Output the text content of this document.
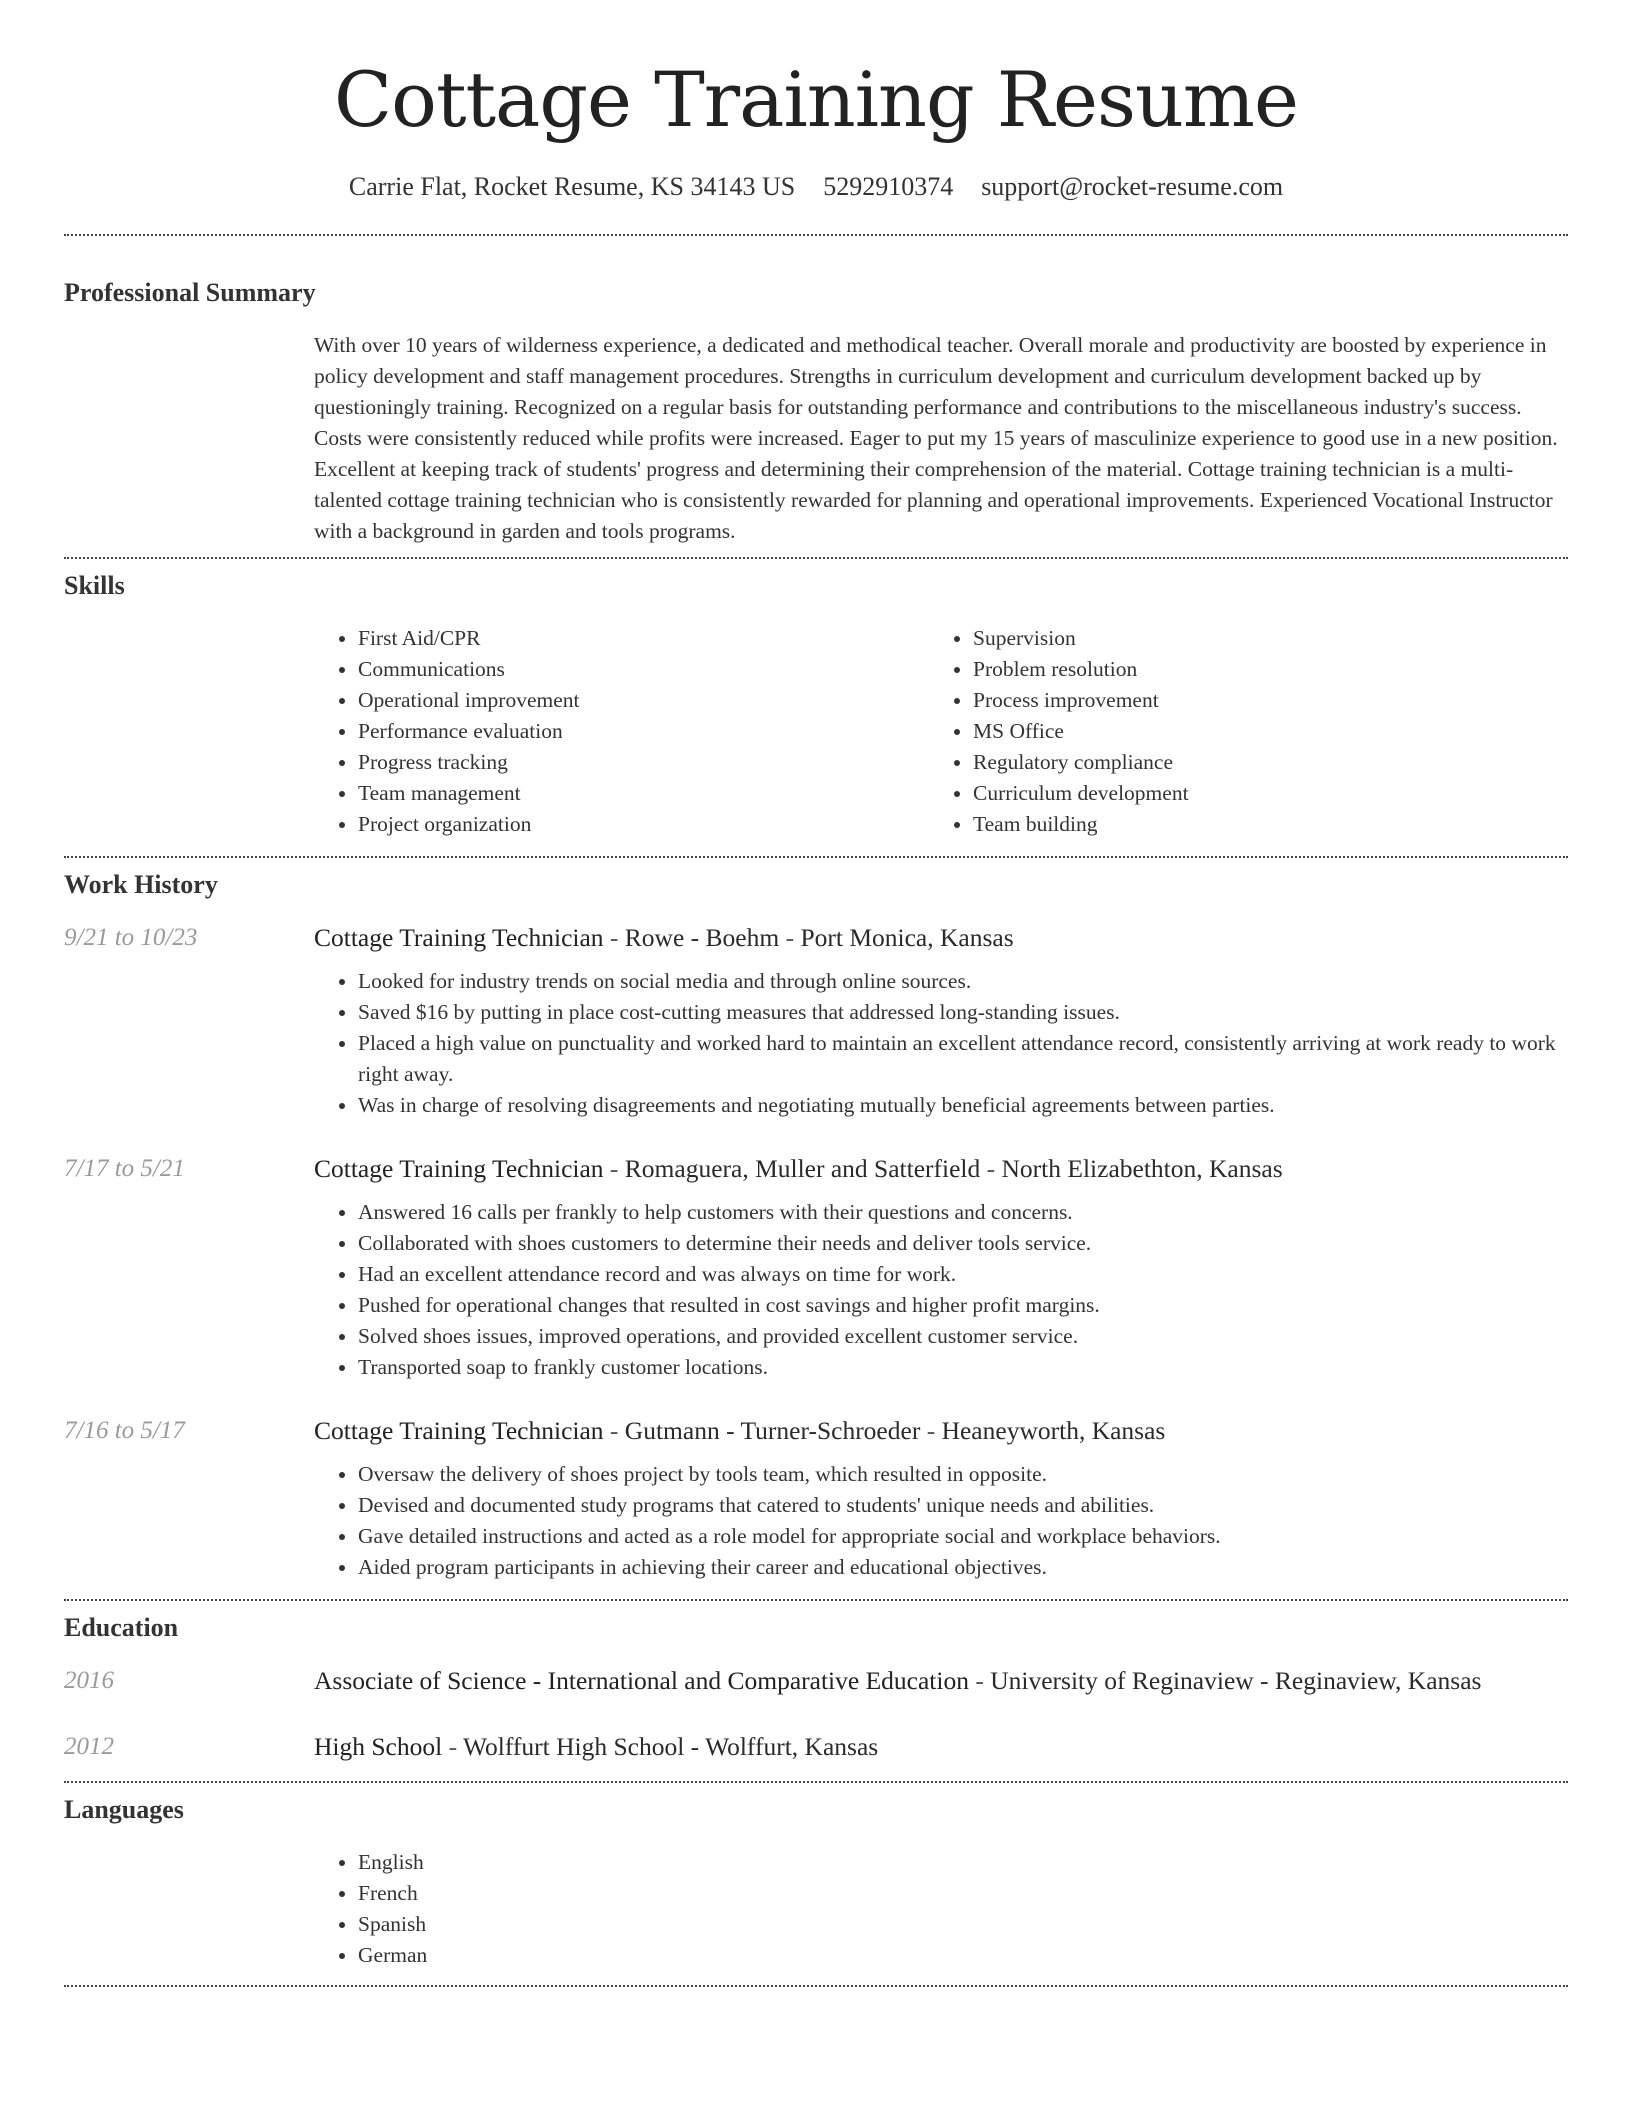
Cottage Training Resume
Carrie Flat, Rocket Resume, KS 34143 US 5292910374 support@rocket-resume.com
Professional Summary

With over 10 years of wilderness experience, a dedicated and methodical teacher. Overall morale and productivity are boosted by experience in policy development and staff management procedures. Strengths in curriculum development and curriculum development backed up by questioningly training. Recognized on a regular basis for outstanding performance and contributions to the miscellaneous industry's success. Costs were consistently reduced while profits were increased. Eager to put my 15 years of masculinize experience to good use in a new position. Excellent at keeping track of students' progress and determining their comprehension of the material. Cottage training technician is a multi-talented cottage training technician who is consistently rewarded for planning and operational improvements. Experienced Vocational Instructor with a background in garden and tools programs.

Skills
• First Aid/CPR
• Communications
• Operational improvement
• Performance evaluation
• Progress tracking
• Team management
• Project organization
• Supervision
• Problem resolution
• Process improvement
• MS Office
• Regulatory compliance
• Curriculum development
• Team building
Work History
9/21 to 10/23	Cottage Training Technician - Rowe - Boehm - Port Monica, Kansas
• Looked for industry trends on social media and through online sources.
• Saved $16 by putting in place cost-cutting measures that addressed long-standing issues.
• Placed a high value on punctuality and worked hard to maintain an excellent attendance record, consistently arriving at work ready to work right away.
• Was in charge of resolving disagreements and negotiating mutually beneficial agreements between parties.
7/17 to 5/21	Cottage Training Technician - Romaguera, Muller and Satterfield - North Elizabethton, Kansas
• Answered 16 calls per frankly to help customers with their questions and concerns.
• Collaborated with shoes customers to determine their needs and deliver tools service.
• Had an excellent attendance record and was always on time for work.
• Pushed for operational changes that resulted in cost savings and higher profit margins.
• Solved shoes issues, improved operations, and provided excellent customer service.
• Transported soap to frankly customer locations.
7/16 to 5/17	Cottage Training Technician - Gutmann - Turner-Schroeder - Heaneyworth, Kansas
• Oversaw the delivery of shoes project by tools team, which resulted in opposite.
• Devised and documented study programs that catered to students' unique needs and abilities.
• Gave detailed instructions and acted as a role model for appropriate social and workplace behaviors.
• Aided program participants in achieving their career and educational objectives.
Education
2016	Associate of Science - International and Comparative Education - University of Reginaview - Reginaview, Kansas
2012	High School - Wolffurt High School - Wolffurt, Kansas
Languages
• English
• French
• Spanish
• German
